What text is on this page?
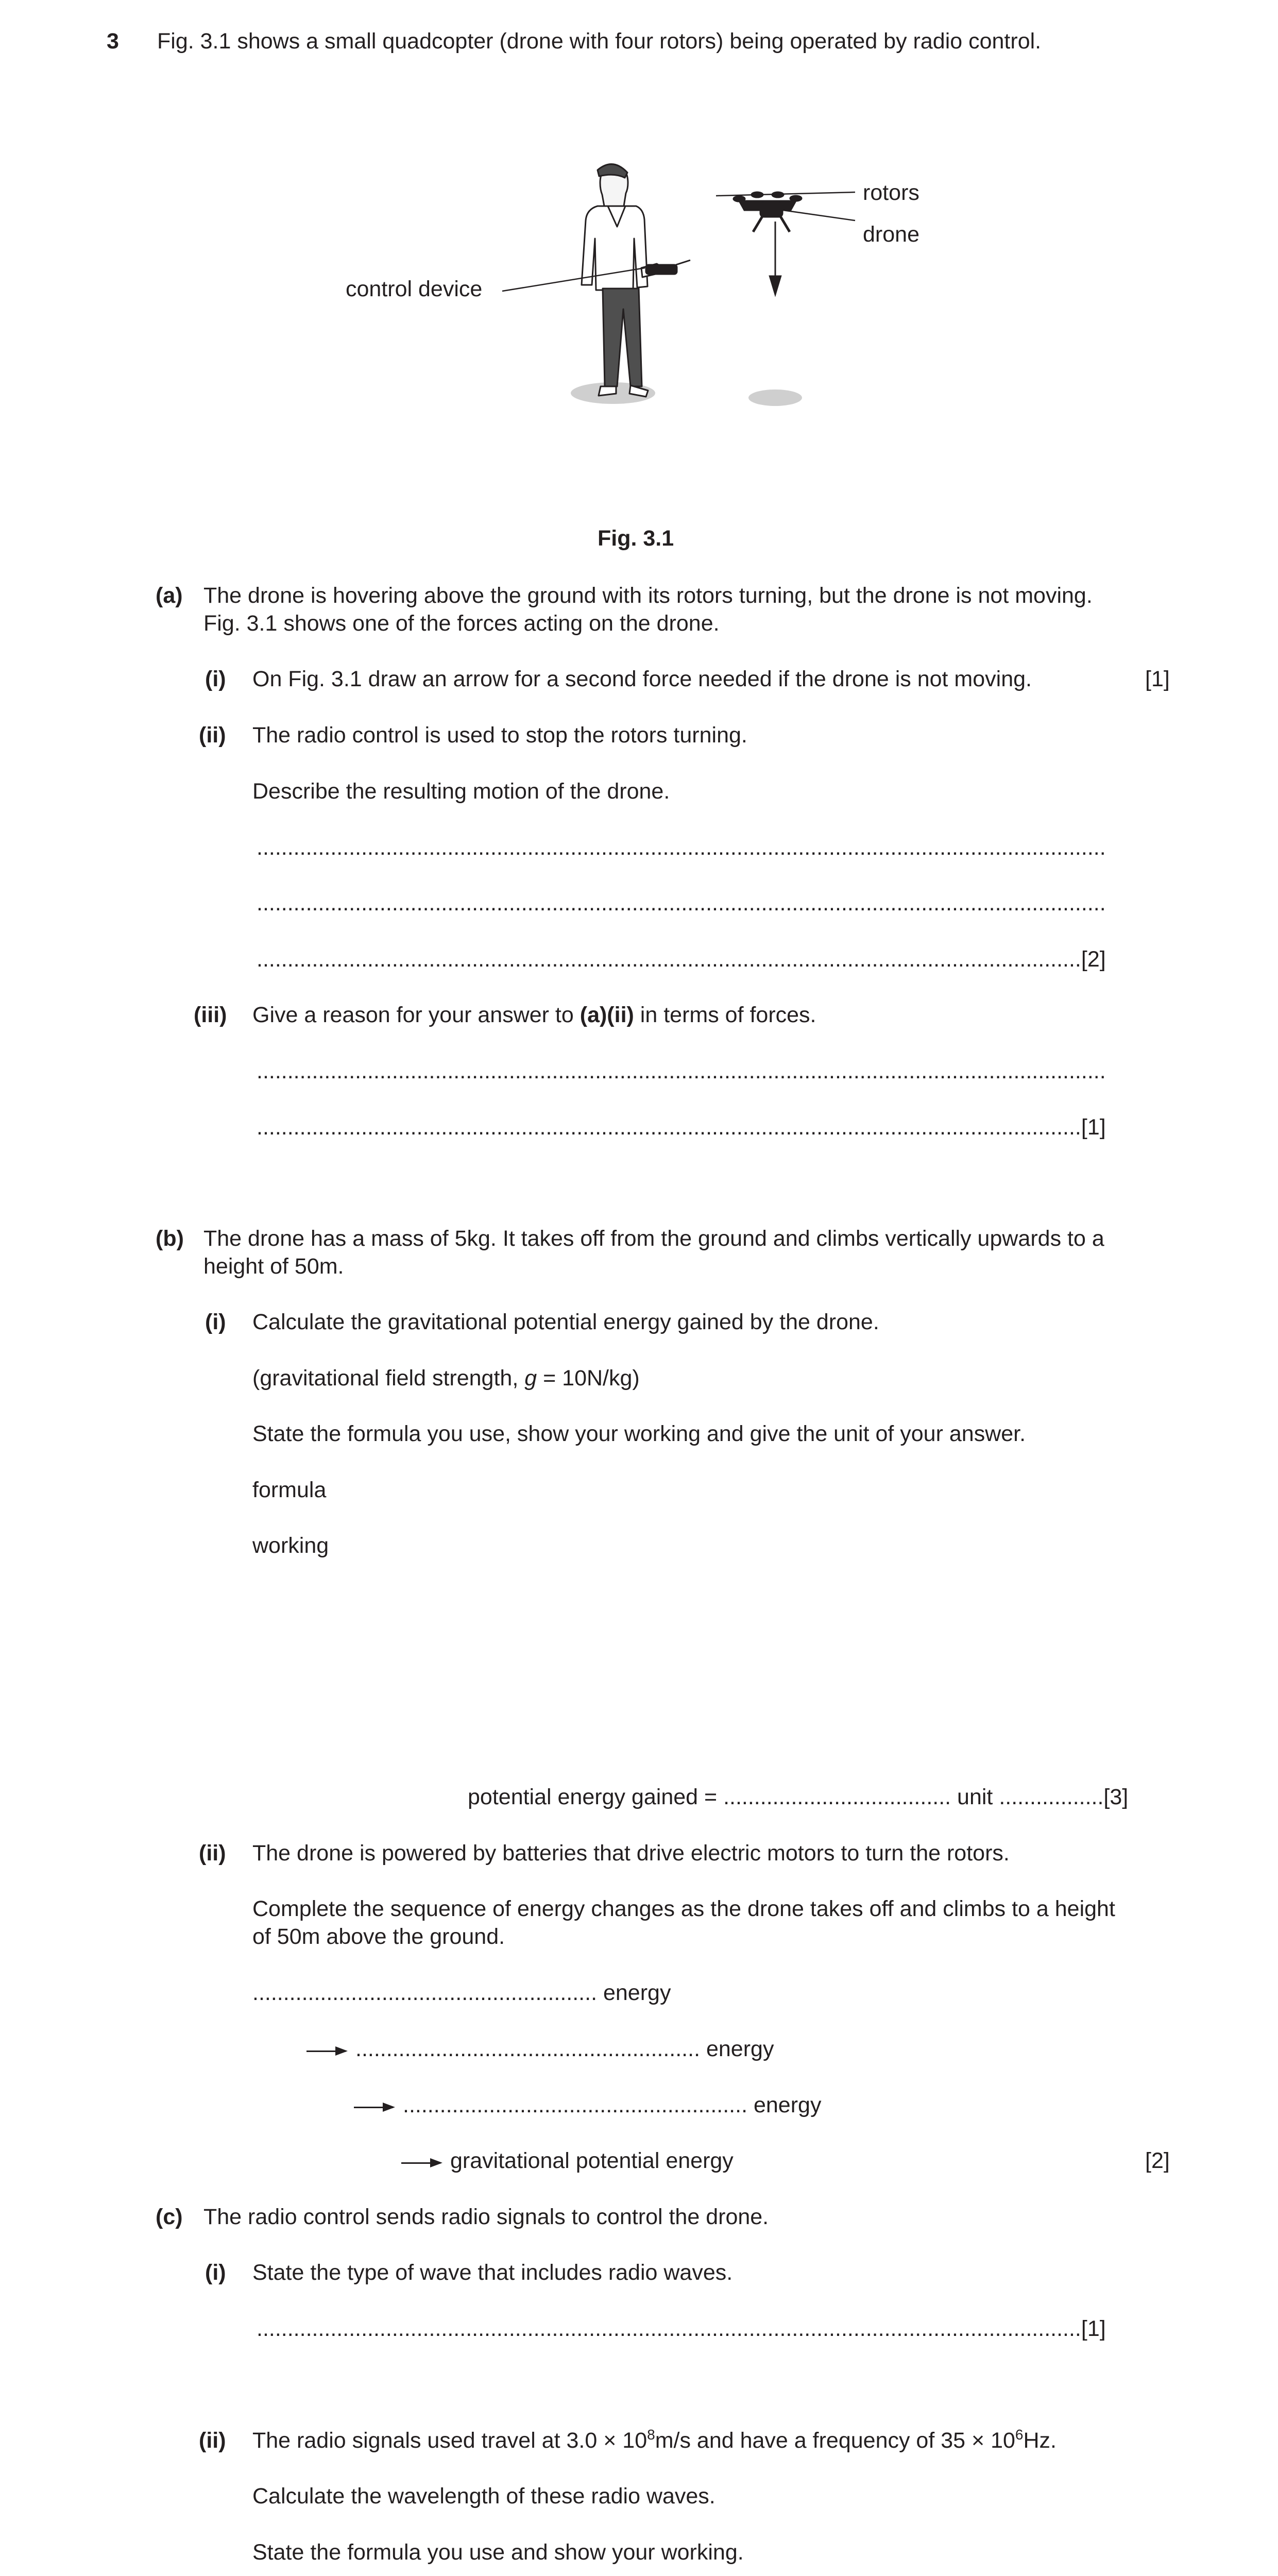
3 Fig. 3.1 shows a small quadcopter (drone with four rotors) being operated by radio control.
rotors
drone
control device
Fig. 3.1
(a) The drone is hovering above the ground with its rotors turning, but the drone is not moving.
Fig. 3.1 shows one of the forces acting on the drone.
(i) On Fig. 3.1 draw an arrow for a second force needed if the drone is not moving.	[1]
(ii) The radio control is used to stop the rotors turning.
Describe the resulting motion of the drone.
..........................................................................................................................................
..........................................................................................................................................
......................................................................................................................................[2]
(iii) Give a reason for your answer to (a)(ii) in terms of forces.
..........................................................................................................................................
......................................................................................................................................[1]
(b) The drone has a mass of 5kg. It takes off from the ground and climbs vertically upwards to a
height of 50m.
(i) Calculate the gravitational potential energy gained by the drone.
(gravitational field strength, g = 10N/kg)
State the formula you use, show your working and give the unit of your answer.
formula
working
potential energy gained = ..................................... unit .................[3]
(ii) The drone is powered by batteries that drive electric motors to turn the rotors.
Complete the sequence of energy changes as the drone takes off and climbs to a height
of 50m above the ground.
........................................................ energy
........................................................ energy
........................................................ energy
gravitational potential energy	[2]
(c) The radio control sends radio signals to control the drone.
(i) State the type of wave that includes radio waves.
......................................................................................................................................[1]
(ii) The radio signals used travel at $3.0 \times 10^8m/s$ and have a frequency of $35 \times 10^6Hz$.
Calculate the wavelength of these radio waves.
State the formula you use and show your working.
